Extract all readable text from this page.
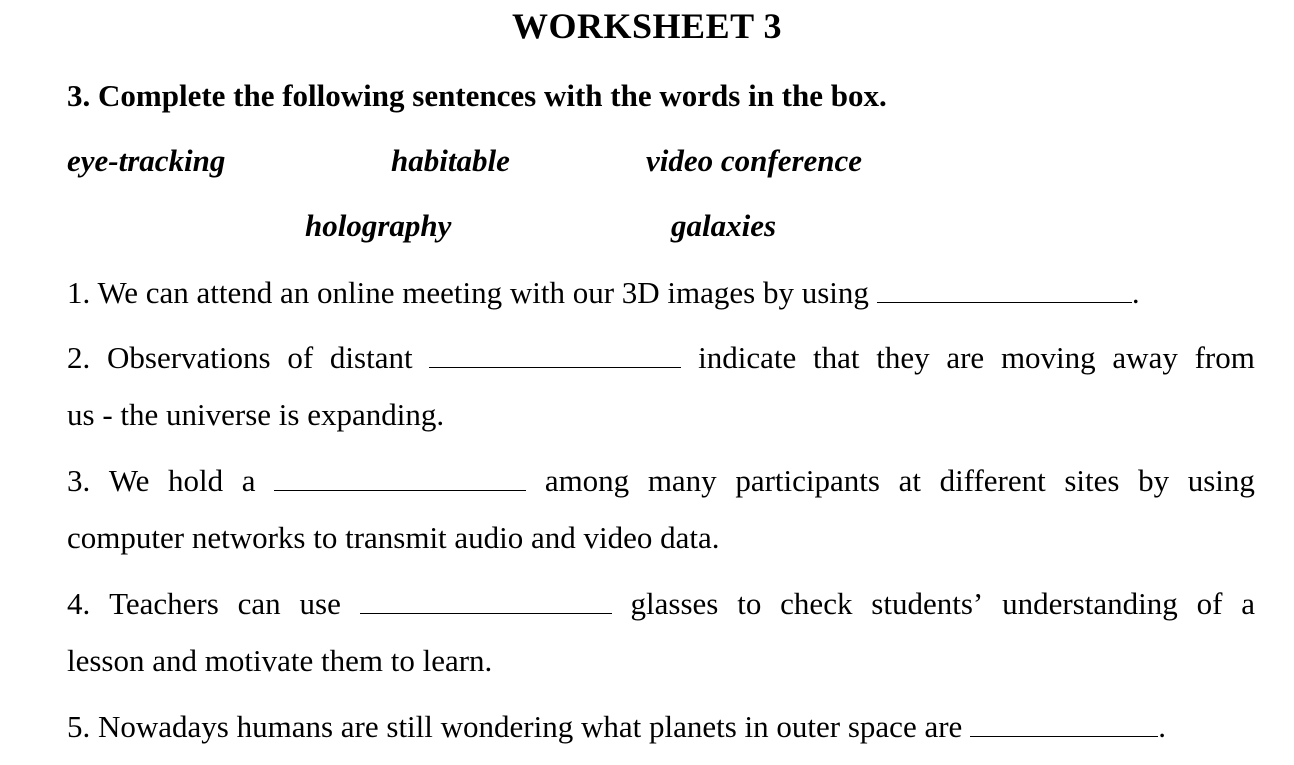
WORKSHEET 3
3. Complete the following sentences with the words in the box.
eye-tracking	habitable	video conference
holography	galaxies
1. We can attend an online meeting with our 3D images by using	.
2. Observations of distant	indicate that they are moving away from
us - the universe is expanding.
3. We hold a	among many participants at different sites by using
computer networks to transmit audio and video data.
4. Teachers can use	glasses to check students’ understanding of a
lesson and motivate them to learn.
5. Nowadays humans are still wondering what planets in outer space are	.
